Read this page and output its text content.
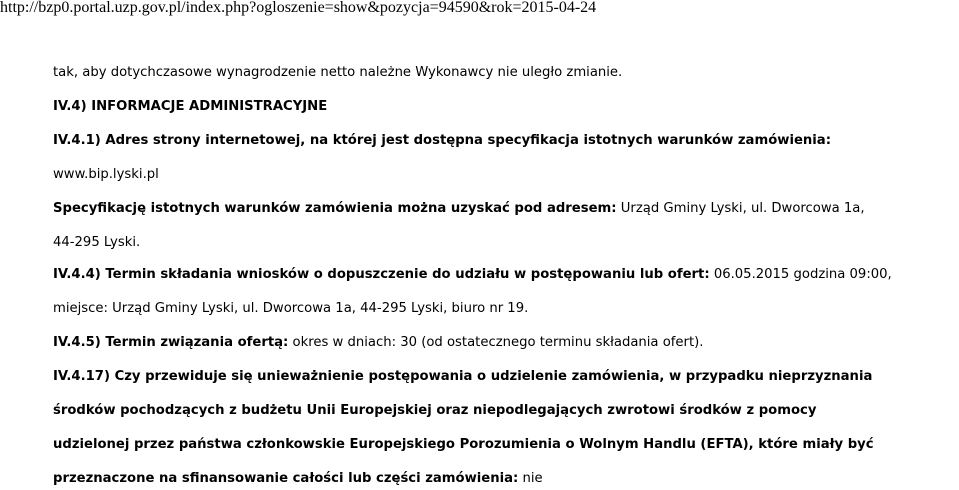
http://bzp0.portal.uzp.gov.pl/index.php?ogloszenie=show&pozycja=94590&rok=2015-04-24
tak, aby dotychczasowe wynagrodzenie netto należne Wykonawcy nie uległo zmianie.
IV.4) INFORMACJE ADMINISTRACYJNE
IV.4.1) Adres strony internetowej, na której jest dostępna specyfikacja istotnych warunków zamówienia:
www.bip.lyski.pl
Specyfikację istotnych warunków zamówienia można uzyskać pod adresem: Urząd Gminy Lyski, ul. Dworcowa 1a,
44-295 Lyski.
IV.4.4) Termin składania wniosków o dopuszczenie do udziału w postępowaniu lub ofert: 06.05.2015 godzina 09:00,
miejsce: Urząd Gminy Lyski, ul. Dworcowa 1a, 44-295 Lyski, biuro nr 19.
IV.4.5) Termin związania ofertą: okres w dniach: 30 (od ostatecznego terminu składania ofert).
IV.4.17) Czy przewiduje się unieważnienie postępowania o udzielenie zamówienia, w przypadku nieprzyznania
środków pochodzących z budżetu Unii Europejskiej oraz niepodlegających zwrotowi środków z pomocy
udzielonej przez państwa członkowskie Europejskiego Porozumienia o Wolnym Handlu (EFTA), które miały być
przeznaczone na sfinansowanie całości lub części zamówienia: nie
